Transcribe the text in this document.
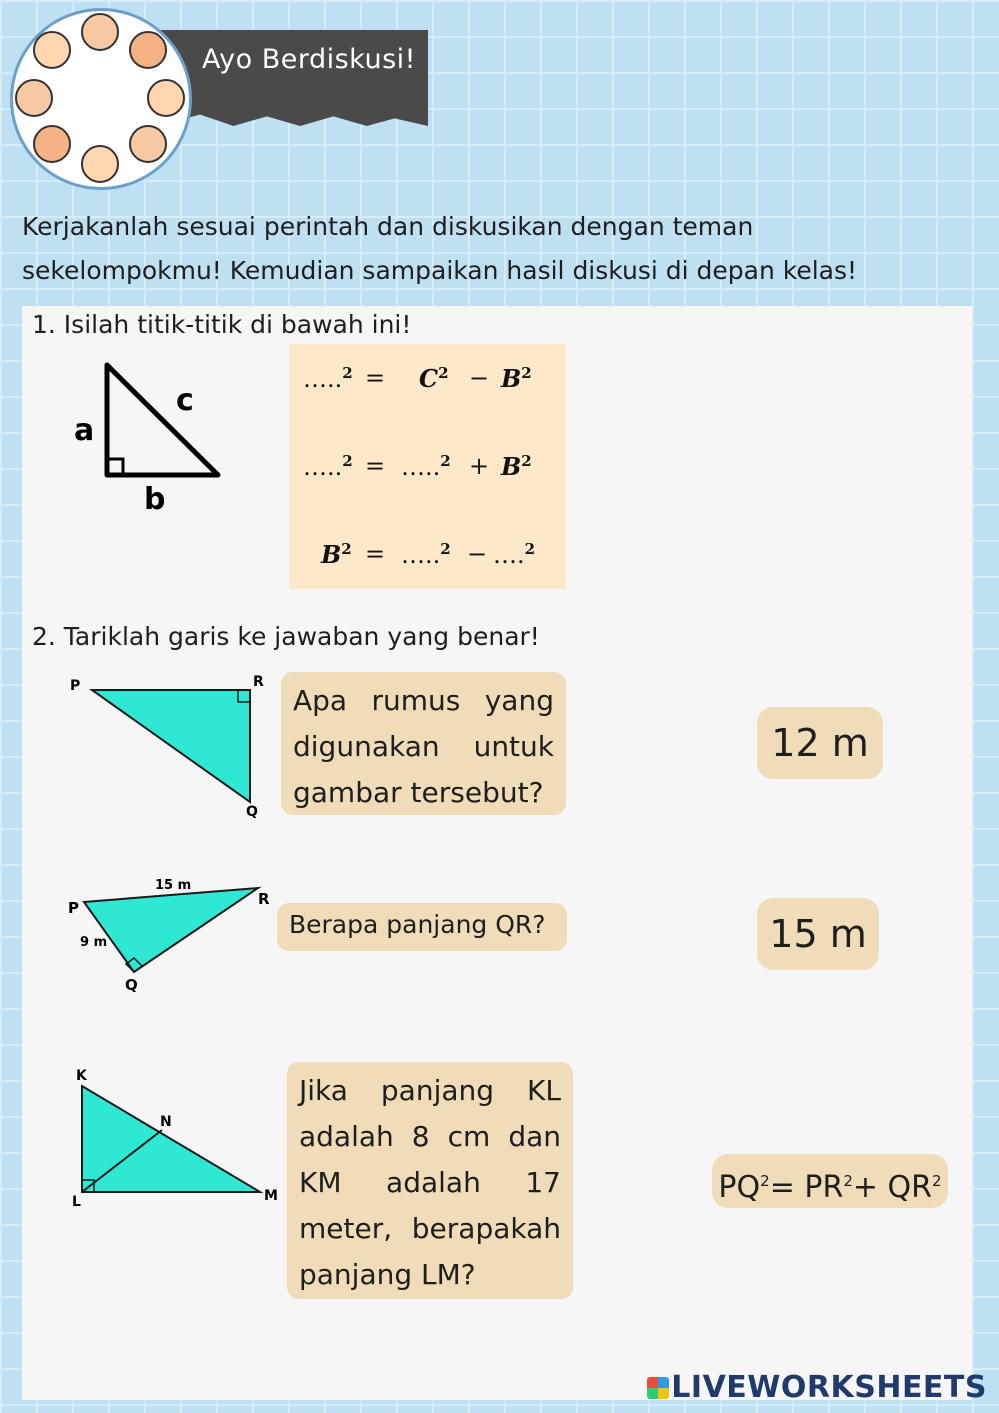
Ayo Berdiskusi!
Kerjakanlah sesuai perintah dan diskusikan dengan teman
sekelompokmu! Kemudian sampaikan hasil diskusi di depan kelas!
1. Isilah titik-titik di bawah ini!
a
b
c
…..$^2$ = $C^2 - B^2$
…..$^2$ = …..$^2$ + $B^2$
$B^2$ = …..$^2$ − ….$^2$
2. Tariklah garis ke jawaban yang benar!
P	R
Q
15 m
9 m
P	R
Q
K
N
L	M
Apa rumus yang digunakan untuk gambar tersebut?
Berapa panjang QR?
Jika panjang KL adalah 8 cm dan KM adalah 17 meter, berapakah panjang LM?
12 m
15 m
$PQ^2= PR^2+ QR^2$
LIVEWORKSHEETS
